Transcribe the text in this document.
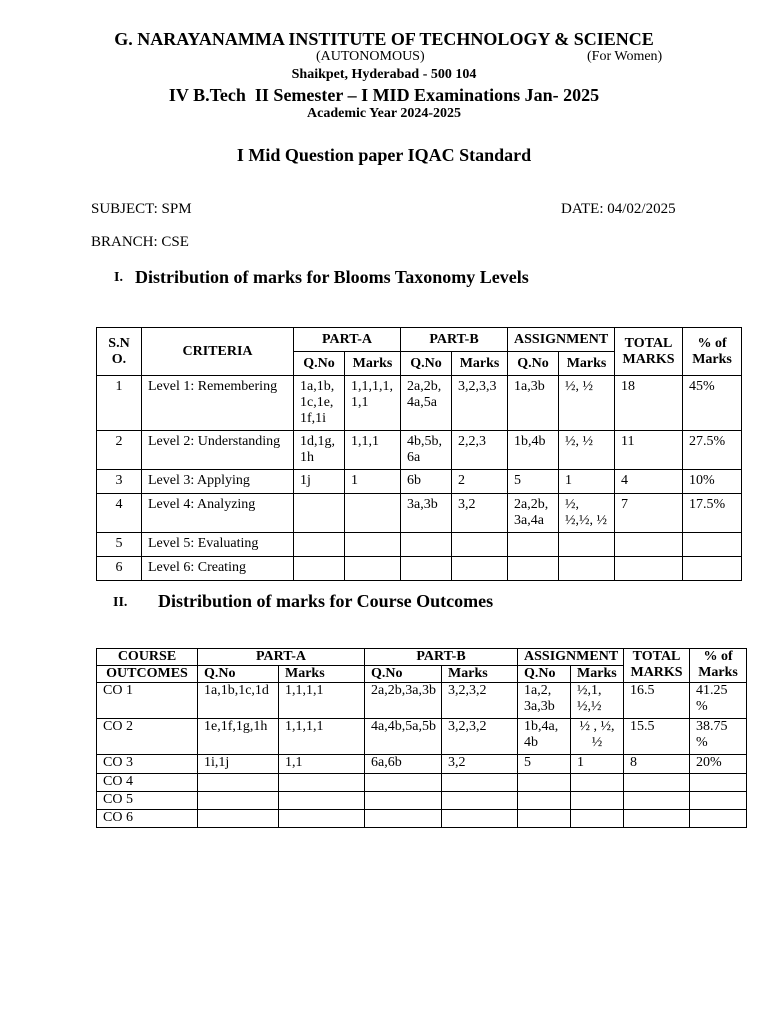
G. NARAYANAMMA INSTITUTE OF TECHNOLOGY & SCIENCE
(AUTONOMOUS)	(For Women)
Shaikpet, Hyderabad - 500 104
IV B.Tech  II Semester – I MID Examinations Jan- 2025
Academic Year 2024-2025
I Mid Question paper IQAC Standard
SUBJECT: SPM	DATE: 04/02/2025
BRANCH: CSE
I. Distribution of marks for Blooms Taxonomy Levels
S.N O.	CRITERIA	PART-A		PART-B		ASSIGNMENT		TOTAL MARKS	% of Marks
		Q.No	Marks	Q.No	Marks	Q.No	Marks		
1	Level 1: Remembering	1a,1b, 1c,1e, 1f,1i	1,1,1,1, 1,1	2a,2b, 4a,5a	3,2,3,3	1a,3b	½, ½	18	45%
2	Level 2: Understanding	1d,1g, 1h	1,1,1	4b,5b, 6a	2,2,3	1b,4b	½, ½	11	27.5%
3	Level 3: Applying	1j	1	6b	2	5	1	4	10%
4	Level 4: Analyzing			3a,3b	3,2	2a,2b, 3a,4a	½, ½,½, ½	7	17.5%
5	Level 5: Evaluating								
6	Level 6: Creating								
II. Distribution of marks for Course Outcomes
COURSE	PART-A		PART-B		ASSIGNMENT		TOTAL MARKS	% of Marks
OUTCOMES	Q.No	Marks	Q.No	Marks	Q.No	Marks		
CO 1	1a,1b,1c,1d	1,1,1,1	2a,2b,3a,3b	3,2,3,2	1a,2, 3a,3b	½,1, ½,½	16.5	41.25 %
CO 2	1e,1f,1g,1h	1,1,1,1	4a,4b,5a,5b	3,2,3,2	1b,4a, 4b	½ , ½, ½	15.5	38.75 %
CO 3	1i,1j	1,1	6a,6b	3,2	5	1	8	20%
CO 4								
CO 5								
CO 6								
